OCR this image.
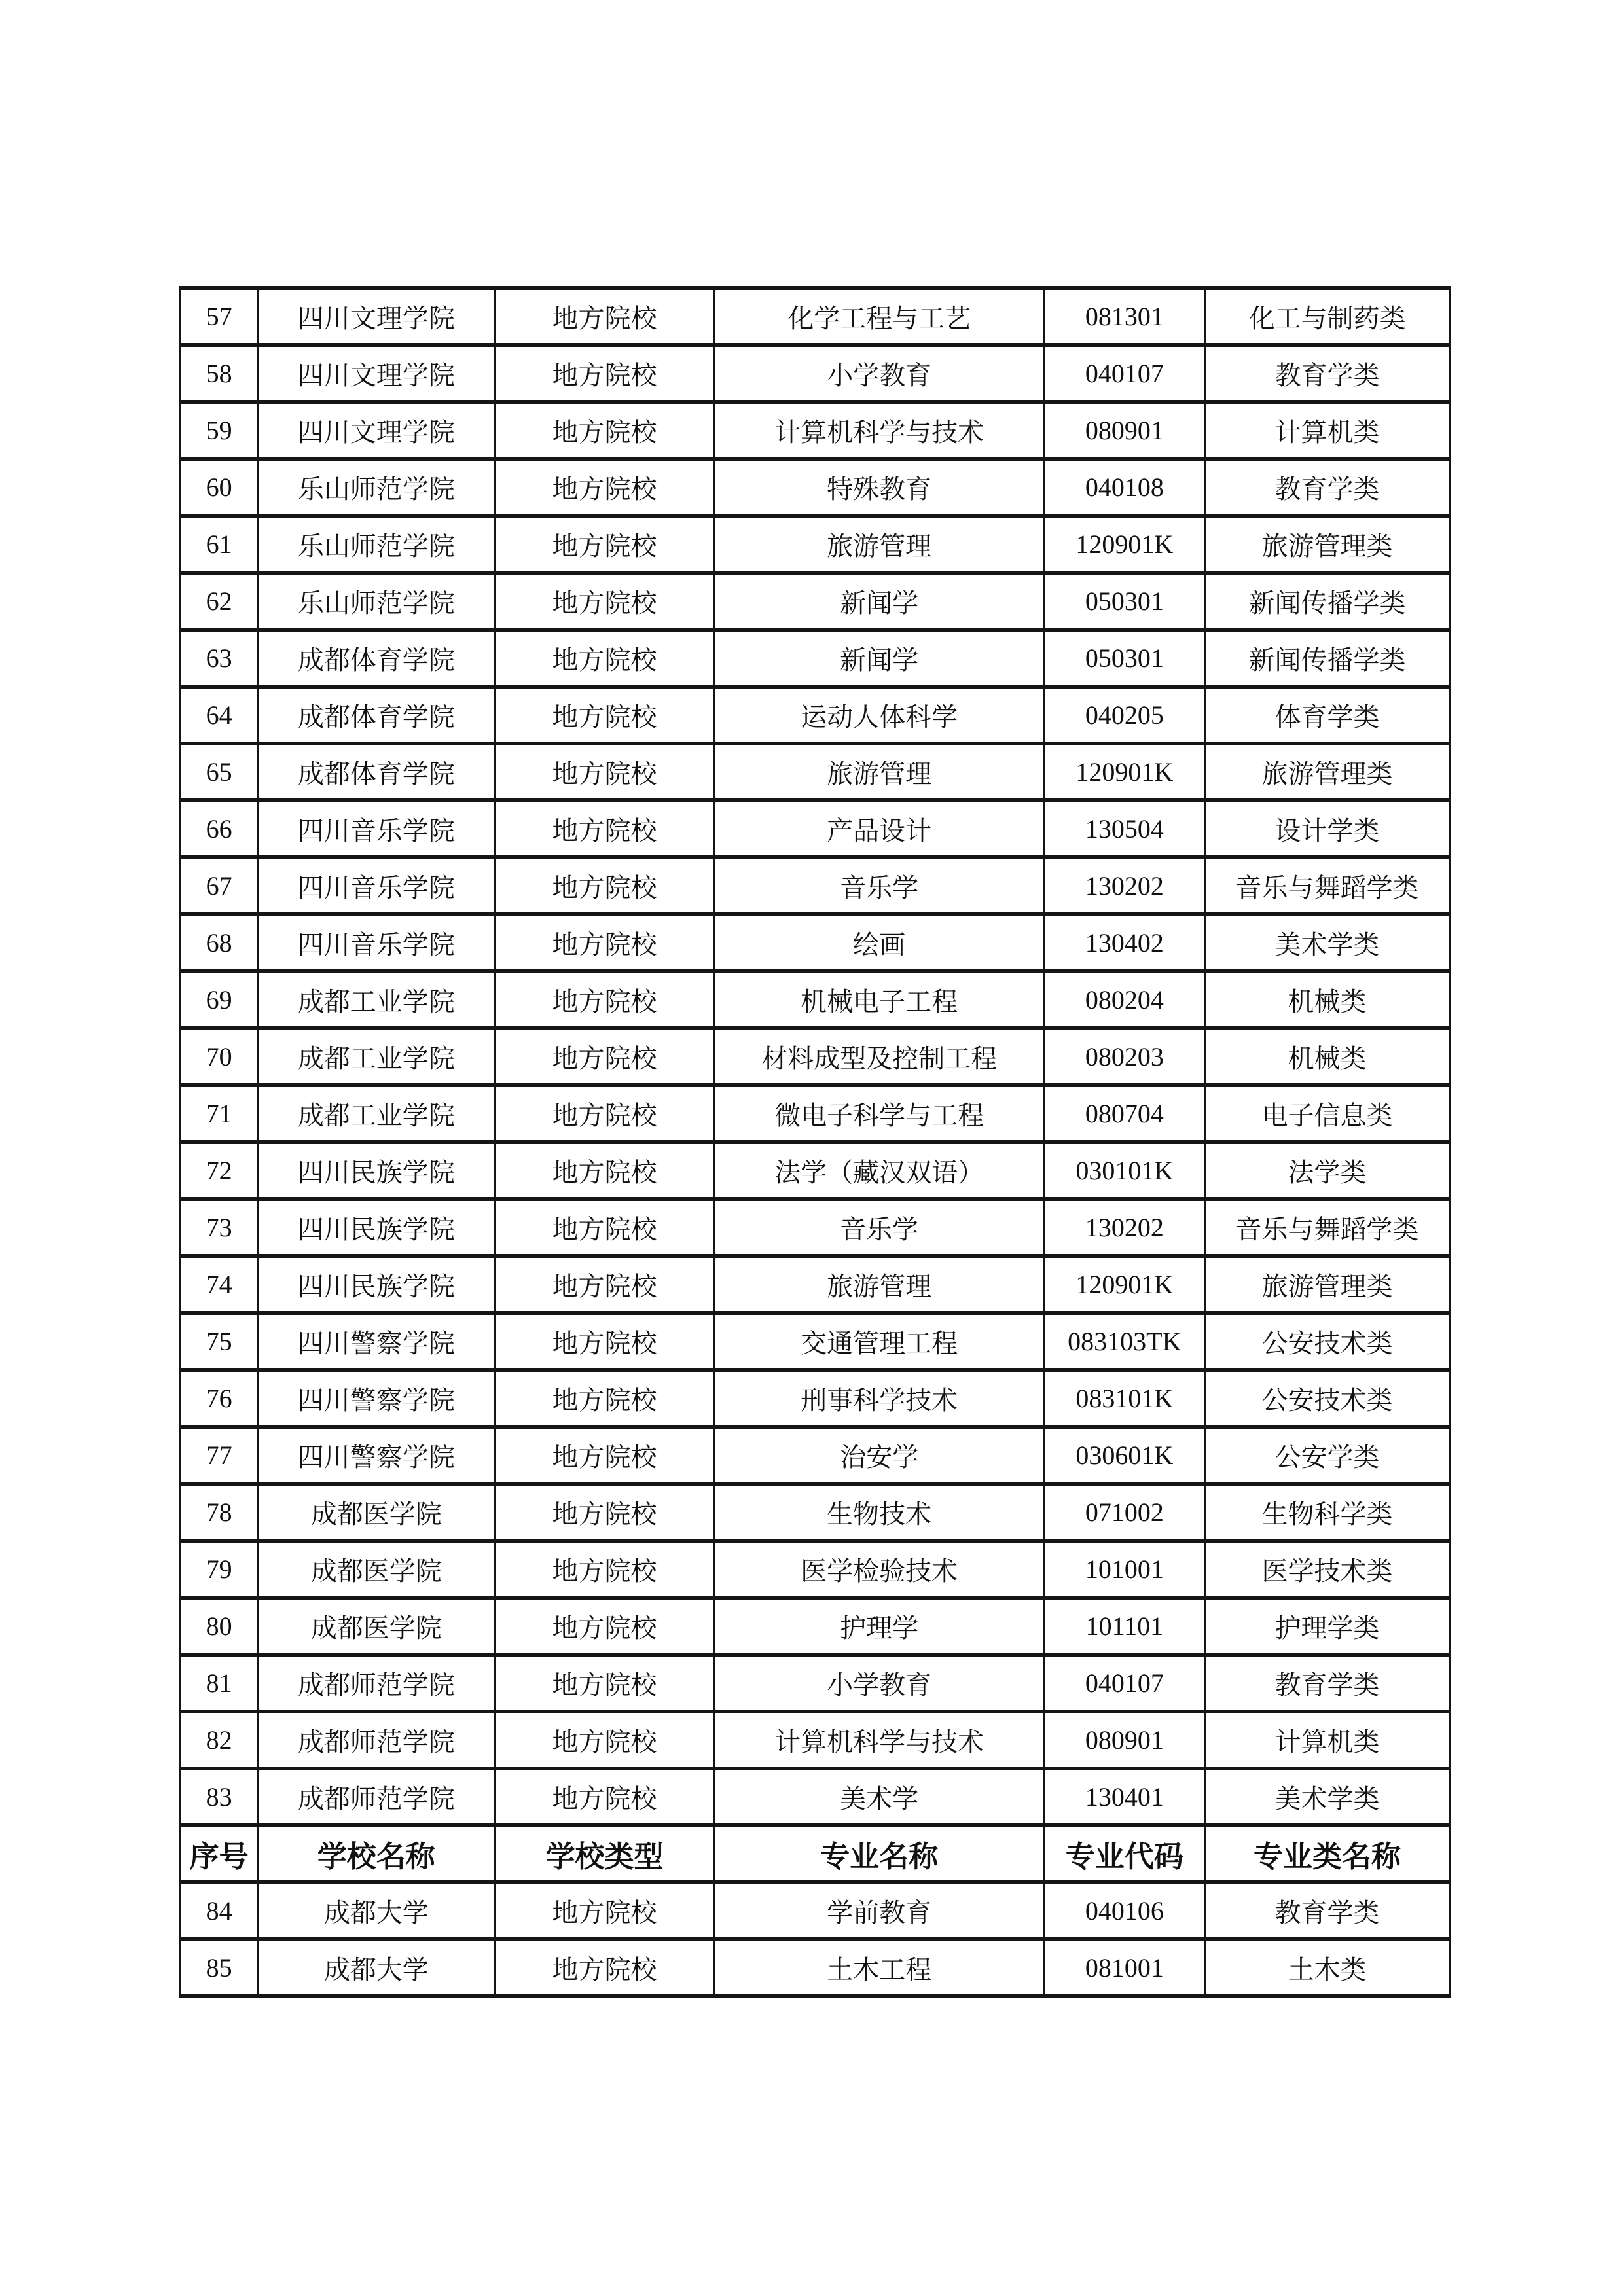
57	四川文理学院	地方院校	化学工程与工艺	081301	化工与制药类
58	四川文理学院	地方院校	小学教育	040107	教育学类
59	四川文理学院	地方院校	计算机科学与技术	080901	计算机类
60	乐山师范学院	地方院校	特殊教育	040108	教育学类
61	乐山师范学院	地方院校	旅游管理	120901K	旅游管理类
62	乐山师范学院	地方院校	新闻学	050301	新闻传播学类
63	成都体育学院	地方院校	新闻学	050301	新闻传播学类
64	成都体育学院	地方院校	运动人体科学	040205	体育学类
65	成都体育学院	地方院校	旅游管理	120901K	旅游管理类
66	四川音乐学院	地方院校	产品设计	130504	设计学类
67	四川音乐学院	地方院校	音乐学	130202	音乐与舞蹈学类
68	四川音乐学院	地方院校	绘画	130402	美术学类
69	成都工业学院	地方院校	机械电子工程	080204	机械类
70	成都工业学院	地方院校	材料成型及控制工程	080203	机械类
71	成都工业学院	地方院校	微电子科学与工程	080704	电子信息类
72	四川民族学院	地方院校	法学（藏汉双语）	030101K	法学类
73	四川民族学院	地方院校	音乐学	130202	音乐与舞蹈学类
74	四川民族学院	地方院校	旅游管理	120901K	旅游管理类
75	四川警察学院	地方院校	交通管理工程	083103TK	公安技术类
76	四川警察学院	地方院校	刑事科学技术	083101K	公安技术类
77	四川警察学院	地方院校	治安学	030601K	公安学类
78	成都医学院	地方院校	生物技术	071002	生物科学类
79	成都医学院	地方院校	医学检验技术	101001	医学技术类
80	成都医学院	地方院校	护理学	101101	护理学类
81	成都师范学院	地方院校	小学教育	040107	教育学类
82	成都师范学院	地方院校	计算机科学与技术	080901	计算机类
83	成都师范学院	地方院校	美术学	130401	美术学类
序号	学校名称	学校类型	专业名称	专业代码	专业类名称
84	成都大学	地方院校	学前教育	040106	教育学类
85	成都大学	地方院校	土木工程	081001	土木类
